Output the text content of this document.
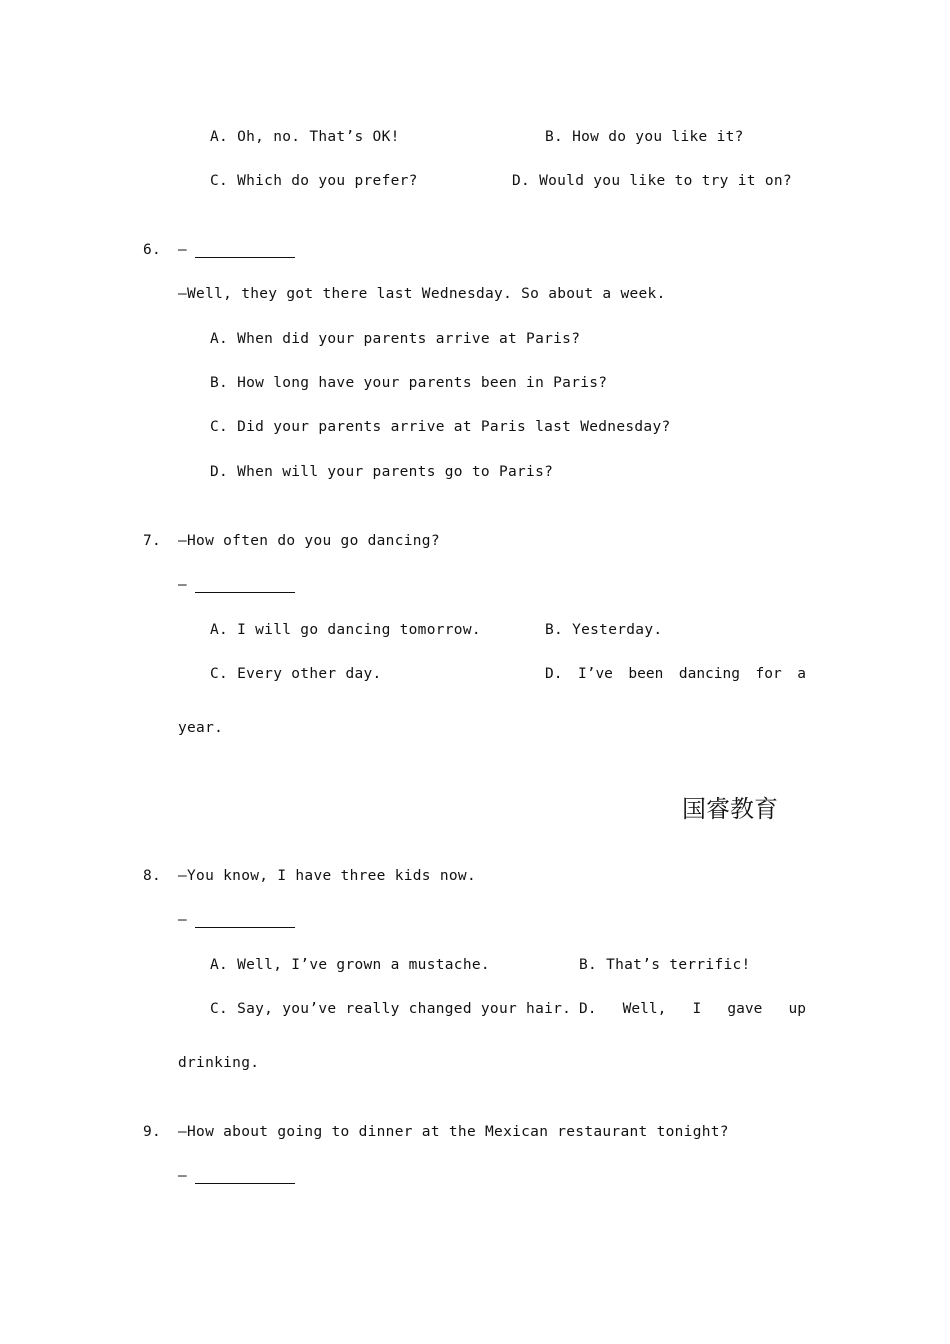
A. Oh, no. That’s OK!	B. How do you like it?
C. Which do you prefer?	D. Would you like to try it on?
6. —
—Well, they got there last Wednesday. So about a week.
A. When did your parents arrive at Paris?
B. How long have your parents been in Paris?
C. Did your parents arrive at Paris last Wednesday?
D. When will your parents go to Paris?
7. —How often do you go dancing?
—
A. I will go dancing tomorrow.	B. Yesterday.
C. Every other day.	D. I’ve been dancing for a
year.
国睿教育
8. —You know, I have three kids now.
—
A. Well, I’ve grown a mustache.	B. That’s terrific!
C. Say, you’ve really changed your hair. D. Well, I gave up
drinking.
9. —How about going to dinner at the Mexican restaurant tonight?
—
